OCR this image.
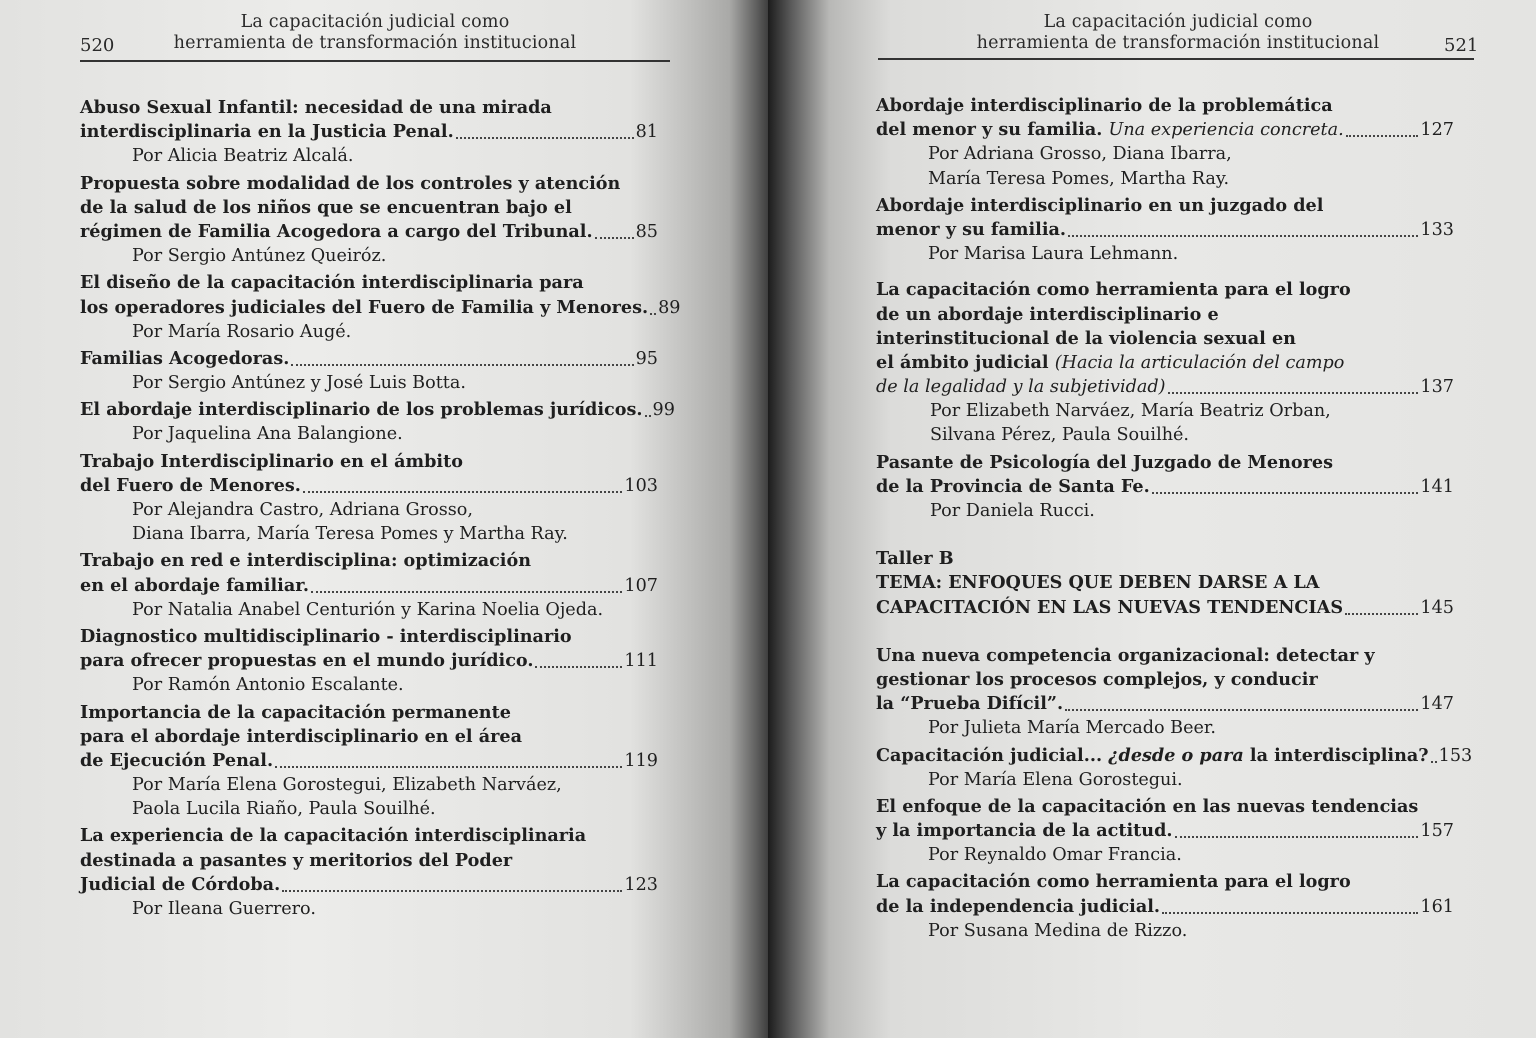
520
La capacitación judicial como
herramienta de transformación institucional
Abuso Sexual Infantil: necesidad de una mirada
interdisciplinaria en la Justicia Penal.	81
Por Alicia Beatriz Alcalá.
Propuesta sobre modalidad de los controles y atención
de la salud de los niños que se encuentran bajo el
régimen de Familia Acogedora a cargo del Tribunal. 85
Por Sergio Antúnez Queiróz.
El diseño de la capacitación interdisciplinaria para
los operadores judiciales del Fuero de Familia y Menores. 89
Por María Rosario Augé.
Familias Acogedoras.	95
Por Sergio Antúnez y José Luis Botta.
El abordaje interdisciplinario de los problemas jurídicos. 99
Por Jaquelina Ana Balangione.
Trabajo Interdisciplinario en el ámbito
del Fuero de Menores.	103
Por Alejandra Castro, Adriana Grosso,
Diana Ibarra, María Teresa Pomes y Martha Ray.
Trabajo en red e interdisciplina: optimización
en el abordaje familiar.	107
Por Natalia Anabel Centurión y Karina Noelia Ojeda.
Diagnostico multidisciplinario - interdisciplinario
para ofrecer propuestas en el mundo jurídico.	111
Por Ramón Antonio Escalante.
Importancia de la capacitación permanente
para el abordaje interdisciplinario en el área
de Ejecución Penal.	119
Por María Elena Gorostegui, Elizabeth Narváez,
Paola Lucila Riaño, Paula Souilhé.
La experiencia de la capacitación interdisciplinaria
destinada a pasantes y meritorios del Poder
Judicial de Córdoba.	123
Por Ileana Guerrero.
La capacitación judicial como
herramienta de transformación institucional	521
Abordaje interdisciplinario de la problemática
del menor y su familia. Una experiencia concreta.	127
Por Adriana Grosso, Diana Ibarra,
María Teresa Pomes, Martha Ray.
Abordaje interdisciplinario en un juzgado del
menor y su familia.	133
Por Marisa Laura Lehmann.
La capacitación como herramienta para el logro
de un abordaje interdisciplinario e
interinstitucional de la violencia sexual en
el ámbito judicial (Hacia la articulación del campo
de la legalidad y la subjetividad)	137
Por Elizabeth Narváez, María Beatriz Orban,
Silvana Pérez, Paula Souilhé.
Pasante de Psicología del Juzgado de Menores
de la Provincia de Santa Fe.	141
Por Daniela Rucci.
Taller B
TEMA: ENFOQUES QUE DEBEN DARSE A LA
CAPACITACIÓN EN LAS NUEVAS TENDENCIAS	145
Una nueva competencia organizacional: detectar y
gestionar los procesos complejos, y conducir
la “Prueba Difícil”.	147
Por Julieta María Mercado Beer.
Capacitación judicial... ¿desde o para la interdisciplina? 153
Por María Elena Gorostegui.
El enfoque de la capacitación en las nuevas tendencias
y la importancia de la actitud.	157
Por Reynaldo Omar Francia.
La capacitación como herramienta para el logro
de la independencia judicial.	161
Por Susana Medina de Rizzo.
